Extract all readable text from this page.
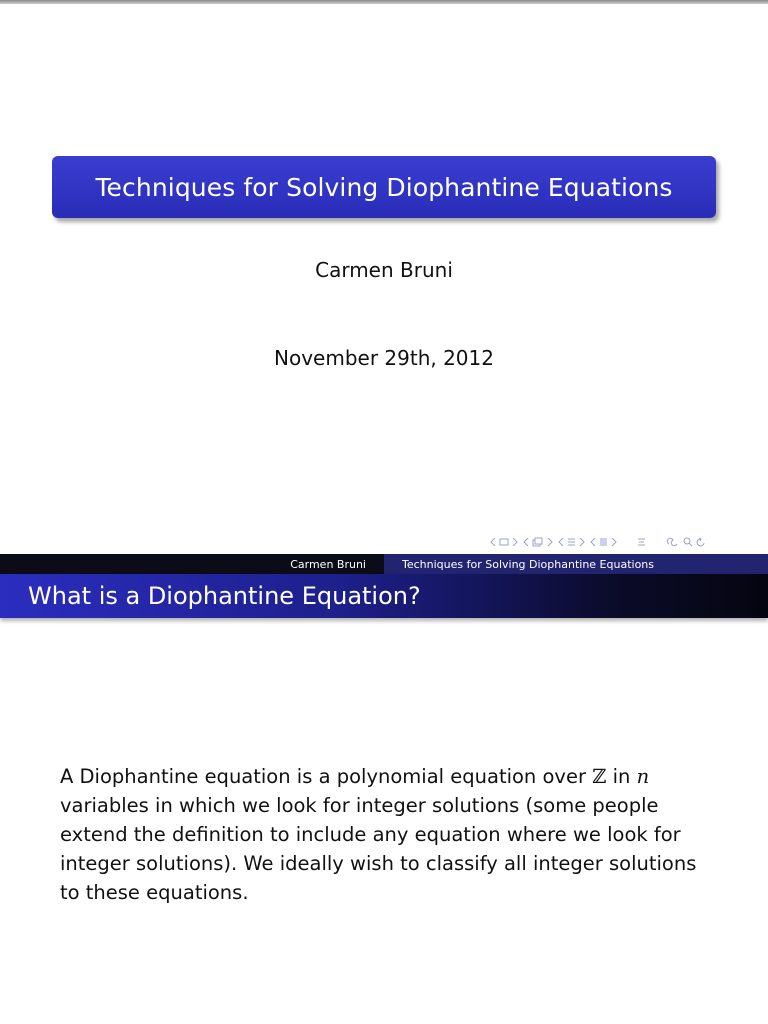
Techniques for Solving Diophantine Equations
Carmen Bruni
November 29th, 2012
Carmen Bruni	Techniques for Solving Diophantine Equations
What is a Diophantine Equation?
A Diophantine equation is a polynomial equation over ℤ in n variables in which we look for integer solutions (some people extend the definition to include any equation where we look for integer solutions). We ideally wish to classify all integer solutions to these equations.
